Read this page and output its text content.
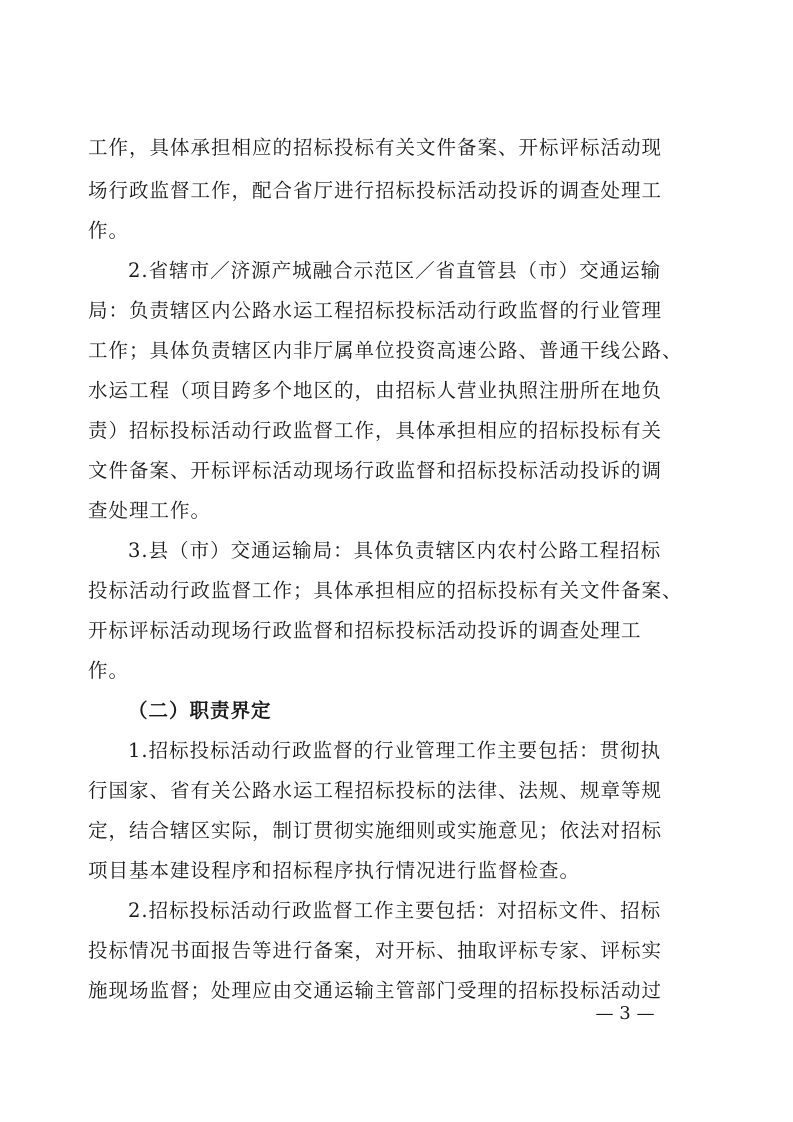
工作，具体承担相应的招标投标有关文件备案、开标评标活动现
场行政监督工作，配合省厅进行招标投标活动投诉的调查处理工
作。
2.省辖市／济源产城融合示范区／省直管县（市）交通运输
局：负责辖区内公路水运工程招标投标活动行政监督的行业管理
工作；具体负责辖区内非厅属单位投资高速公路、普通干线公路、
水运工程（项目跨多个地区的，由招标人营业执照注册所在地负
责）招标投标活动行政监督工作，具体承担相应的招标投标有关
文件备案、开标评标活动现场行政监督和招标投标活动投诉的调
查处理工作。
3.县（市）交通运输局：具体负责辖区内农村公路工程招标
投标活动行政监督工作；具体承担相应的招标投标有关文件备案、
开标评标活动现场行政监督和招标投标活动投诉的调查处理工
作。
（二）职责界定
1.招标投标活动行政监督的行业管理工作主要包括：贯彻执
行国家、省有关公路水运工程招标投标的法律、法规、规章等规
定，结合辖区实际，制订贯彻实施细则或实施意见；依法对招标
项目基本建设程序和招标程序执行情况进行监督检查。
2.招标投标活动行政监督工作主要包括：对招标文件、招标
投标情况书面报告等进行备案，对开标、抽取评标专家、评标实
施现场监督；处理应由交通运输主管部门受理的招标投标活动过
— 3 —
